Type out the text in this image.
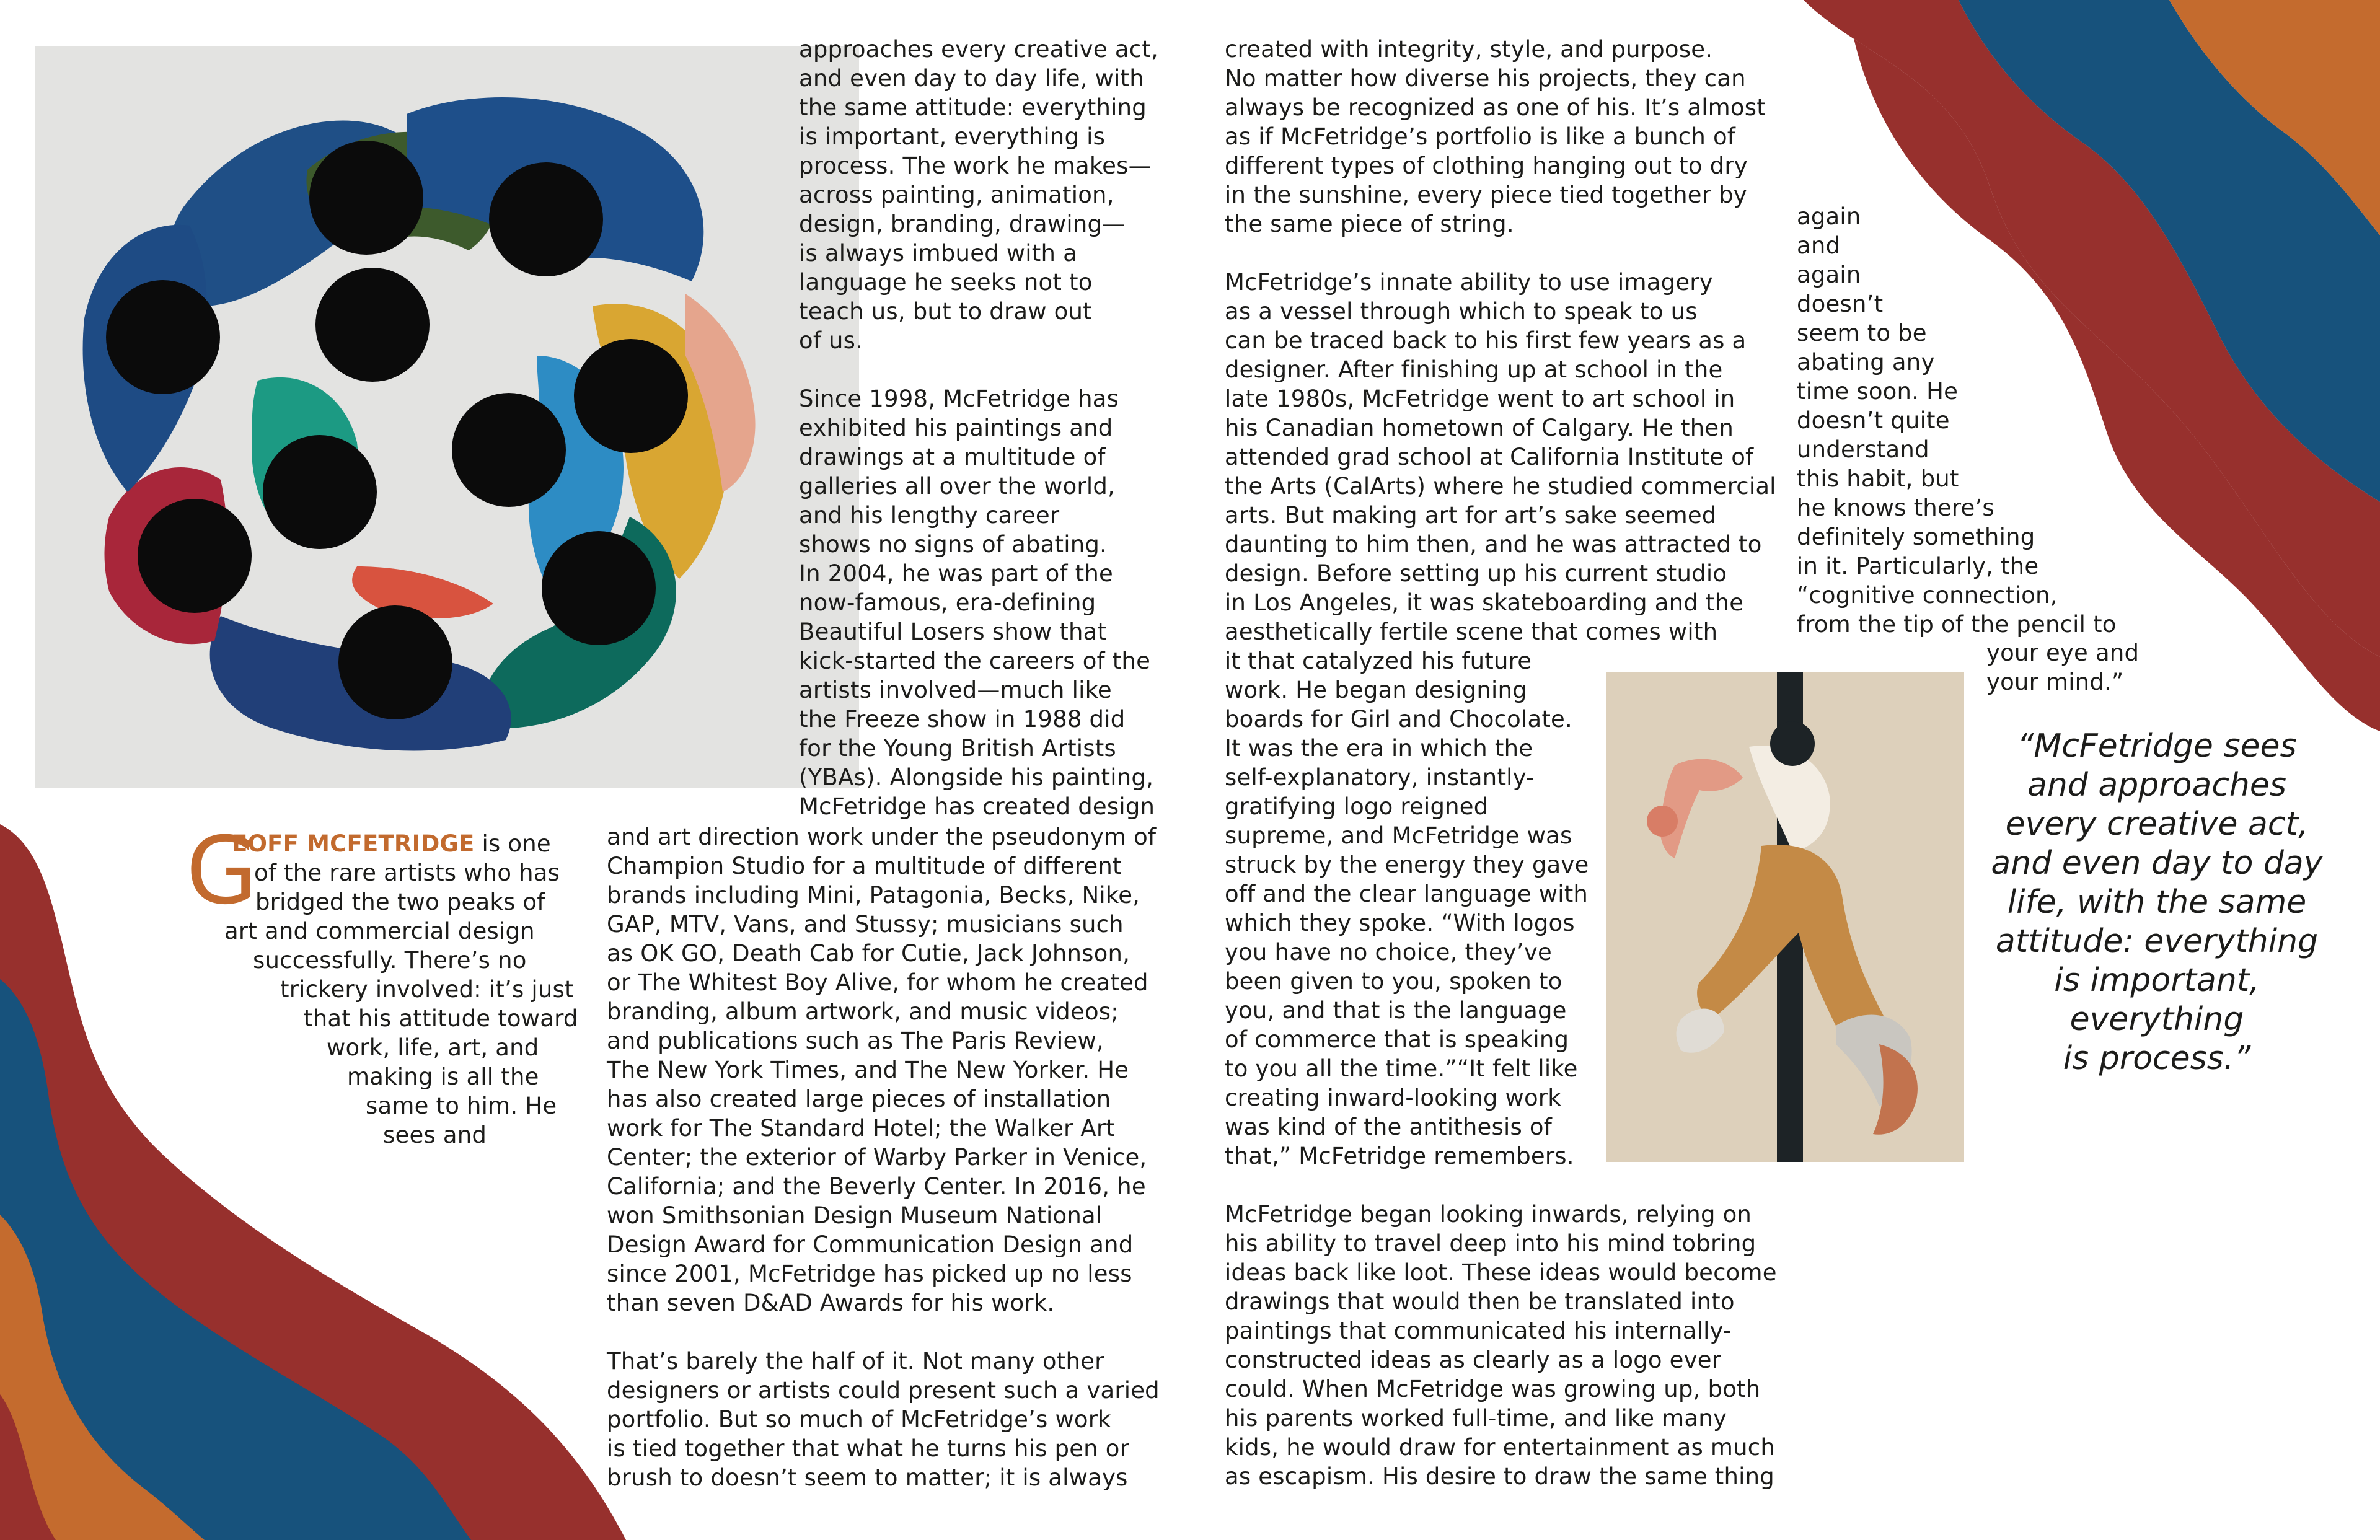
G
EOFF MCFETRIDGE is one
of the rare artists who has
bridged the two peaks of
art and commercial design
successfully. There’s no
trickery involved: it’s just
that his attitude toward
work, life, art, and
making is all the
same to him. He
sees and

approaches every creative act,
and even day to day life, with
the same attitude: everything
is important, everything is
process. The work he makes—
across painting, animation,
design, branding, drawing—
is always imbued with a
language he seeks not to
teach us, but to draw out
of us.

Since 1998, McFetridge has
exhibited his paintings and
drawings at a multitude of
galleries all over the world,
and his lengthy career
shows no signs of abating.
In 2004, he was part of the
now-famous, era-defining
Beautiful Losers show that
kick-started the careers of the
artists involved—much like
the Freeze show in 1988 did
for the Young British Artists
(YBAs). Alongside his painting,
McFetridge has created design

and art direction work under the pseudonym of
Champion Studio for a multitude of different
brands including Mini, Patagonia, Becks, Nike,
GAP, MTV, Vans, and Stussy; musicians such
as OK GO, Death Cab for Cutie, Jack Johnson,
or The Whitest Boy Alive, for whom he created
branding, album artwork, and music videos;
and publications such as The Paris Review,
The New York Times, and The New Yorker. He
has also created large pieces of installation
work for The Standard Hotel; the Walker Art
Center; the exterior of Warby Parker in Venice,
California; and the Beverly Center. In 2016, he
won Smithsonian Design Museum National
Design Award for Communication Design and
since 2001, McFetridge has picked up no less
than seven D&AD Awards for his work.

That’s barely the half of it. Not many other
designers or artists could present such a varied
portfolio. But so much of McFetridge’s work
is tied together that what he turns his pen or
brush to doesn’t seem to matter; it is always

created with integrity, style, and purpose.
No matter how diverse his projects, they can
always be recognized as one of his. It’s almost
as if McFetridge’s portfolio is like a bunch of
different types of clothing hanging out to dry
in the sunshine, every piece tied together by
the same piece of string.

McFetridge’s innate ability to use imagery
as a vessel through which to speak to us
can be traced back to his first few years as a
designer. After finishing up at school in the
late 1980s, McFetridge went to art school in
his Canadian hometown of Calgary. He then
attended grad school at California Institute of
the Arts (CalArts) where he studied commercial
arts. But making art for art’s sake seemed
daunting to him then, and he was attracted to
design. Before setting up his current studio
in Los Angeles, it was skateboarding and the
aesthetically fertile scene that comes with

it that catalyzed his future
work. He began designing
boards for Girl and Chocolate.
It was the era in which the
self-explanatory, instantly-
gratifying logo reigned
supreme, and McFetridge was
struck by the energy they gave
off and the clear language with
which they spoke. “With logos
you have no choice, they’ve
been given to you, spoken to
you, and that is the language
of commerce that is speaking
to you all the time.”“It felt like
creating inward-looking work
was kind of the antithesis of
that,” McFetridge remembers.

McFetridge began looking inwards, relying on
his ability to travel deep into his mind tobring
ideas back like loot. These ideas would become
drawings that would then be translated into
paintings that communicated his internally-
constructed ideas as clearly as a logo ever
could. When McFetridge was growing up, both
his parents worked full-time, and like many
kids, he would draw for entertainment as much
as escapism. His desire to draw the same thing

again
and
again
doesn’t
seem to be
abating any
time soon. He
doesn’t quite
understand
this habit, but
he knows there’s
definitely something
in it. Particularly, the
“cognitive connection,
from the tip of the pencil to

your eye and
your mind.”

“McFetridge sees
and approaches
every creative act,
and even day to day
life, with the same
attitude: everything
is important,
everything
is process.”
